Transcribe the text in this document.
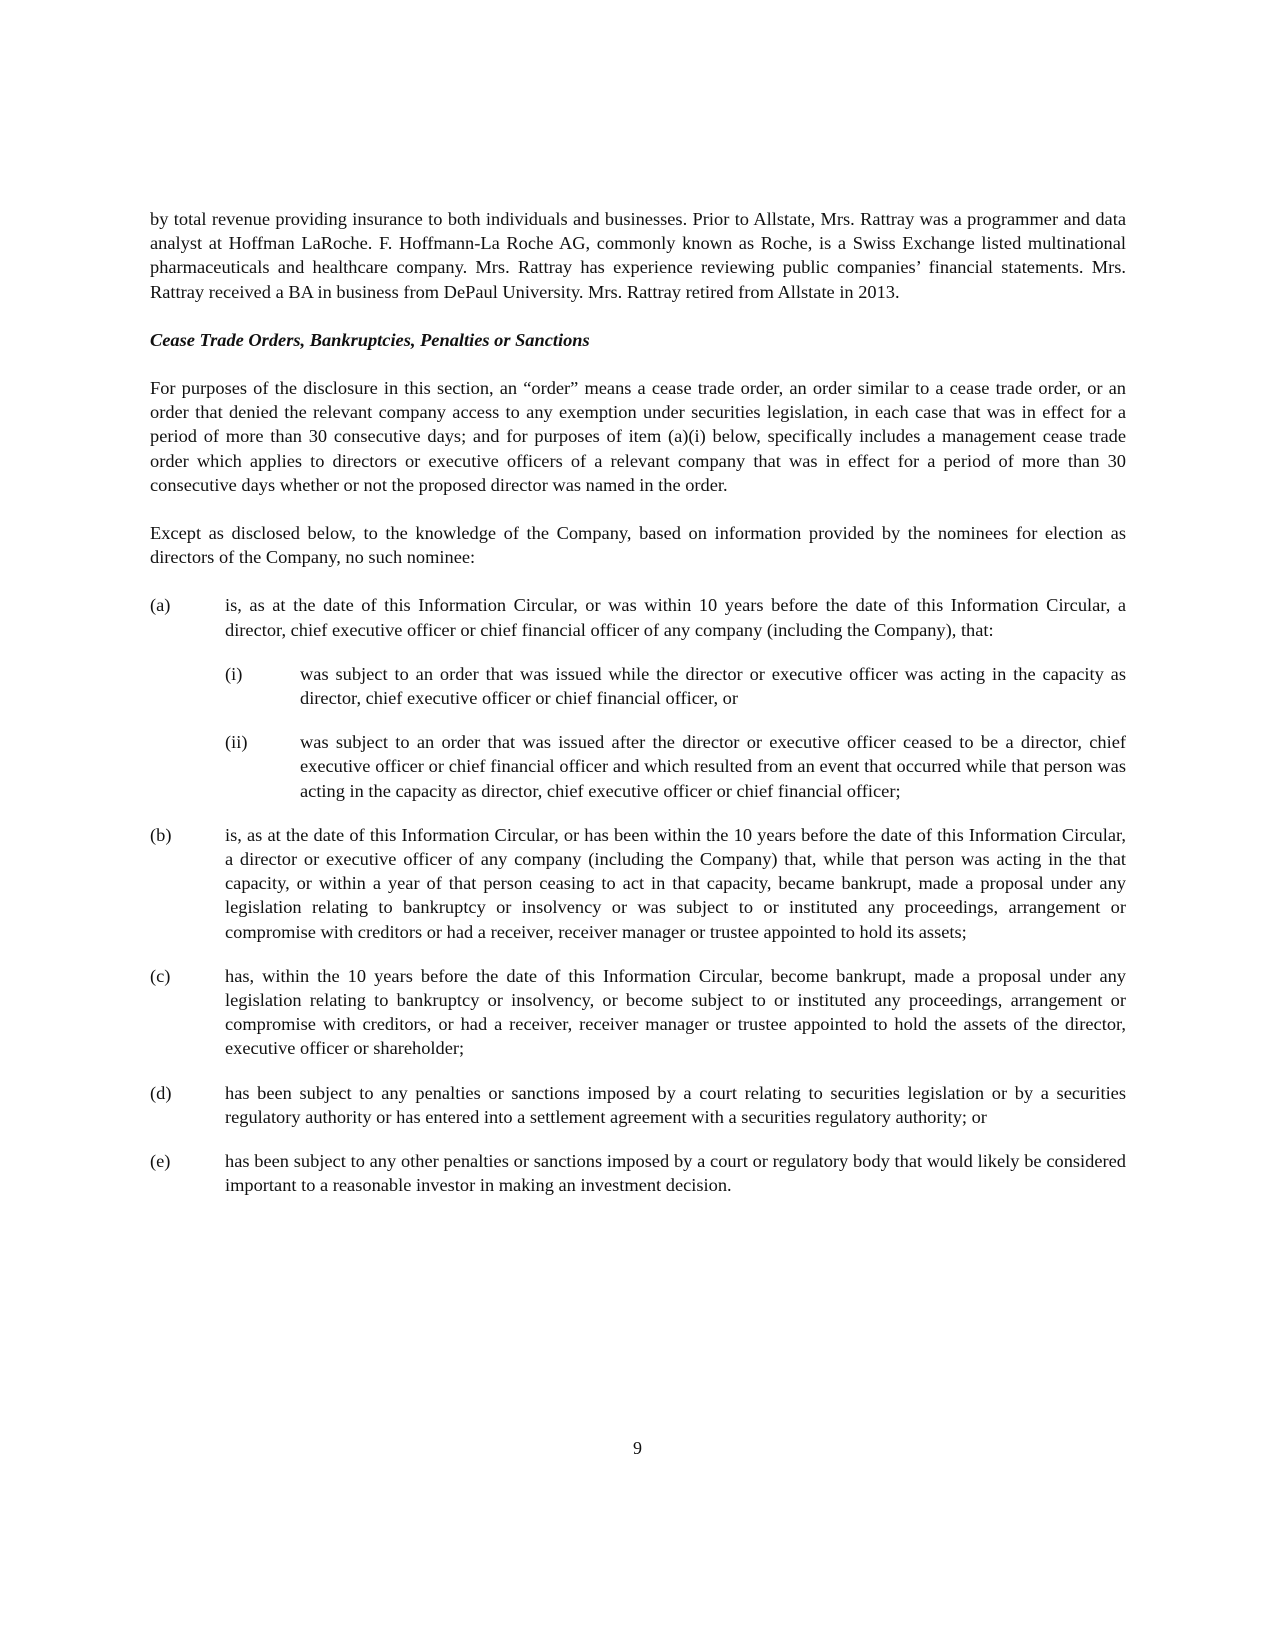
by total revenue providing insurance to both individuals and businesses. Prior to Allstate, Mrs. Rattray was a programmer and data analyst at Hoffman LaRoche. F. Hoffmann-La Roche AG, commonly known as Roche, is a Swiss Exchange listed multinational pharmaceuticals and healthcare company. Mrs. Rattray has experience reviewing public companies’ financial statements. Mrs. Rattray received a BA in business from DePaul University. Mrs. Rattray retired from Allstate in 2013.

Cease Trade Orders, Bankruptcies, Penalties or Sanctions

For purposes of the disclosure in this section, an “order” means a cease trade order, an order similar to a cease trade order, or an order that denied the relevant company access to any exemption under securities legislation, in each case that was in effect for a period of more than 30 consecutive days; and for purposes of item (a)(i) below, specifically includes a management cease trade order which applies to directors or executive officers of a relevant company that was in effect for a period of more than 30 consecutive days whether or not the proposed director was named in the order.

Except as disclosed below, to the knowledge of the Company, based on information provided by the nominees for election as directors of the Company, no such nominee:

(a)	is, as at the date of this Information Circular, or was within 10 years before the date of this Information Circular, a director, chief executive officer or chief financial officer of any company (including the Company), that:
(i)	was subject to an order that was issued while the director or executive officer was acting in the capacity as director, chief executive officer or chief financial officer, or
(ii)	was subject to an order that was issued after the director or executive officer ceased to be a director, chief executive officer or chief financial officer and which resulted from an event that occurred while that person was acting in the capacity as director, chief executive officer or chief financial officer;
(b)	is, as at the date of this Information Circular, or has been within the 10 years before the date of this Information Circular, a director or executive officer of any company (including the Company) that, while that person was acting in the that capacity, or within a year of that person ceasing to act in that capacity, became bankrupt, made a proposal under any legislation relating to bankruptcy or insolvency or was subject to or instituted any proceedings, arrangement or compromise with creditors or had a receiver, receiver manager or trustee appointed to hold its assets;
(c)	has, within the 10 years before the date of this Information Circular, become bankrupt, made a proposal under any legislation relating to bankruptcy or insolvency, or become subject to or instituted any proceedings, arrangement or compromise with creditors, or had a receiver, receiver manager or trustee appointed to hold the assets of the director, executive officer or shareholder;
(d)	has been subject to any penalties or sanctions imposed by a court relating to securities legislation or by a securities regulatory authority or has entered into a settlement agreement with a securities regulatory authority; or
(e)	has been subject to any other penalties or sanctions imposed by a court or regulatory body that would likely be considered important to a reasonable investor in making an investment decision.
9
